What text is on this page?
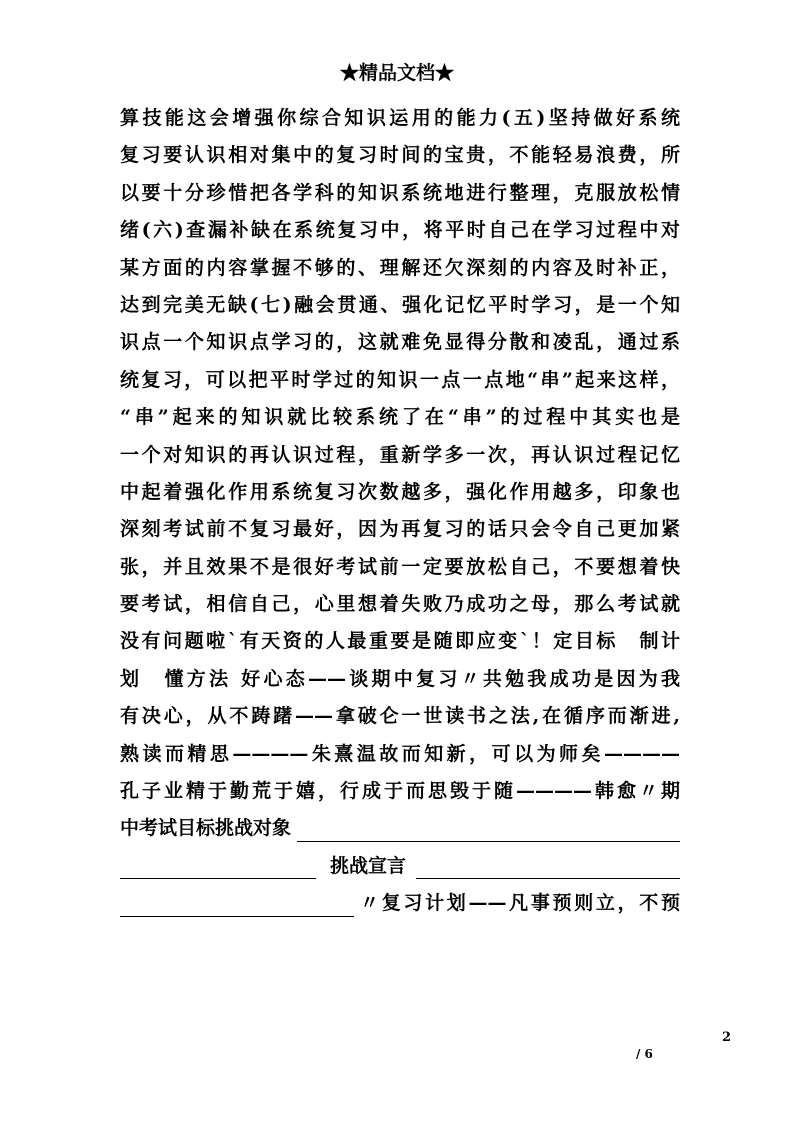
★精品文档★
算技能这会增强你综合知识运用的能力(五)坚持做好系统
复习要认识相对集中的复习时间的宝贵，不能轻易浪费，所
以要十分珍惜把各学科的知识系统地进行整理，克服放松情
绪(六)查漏补缺在系统复习中，将平时自己在学习过程中对
某方面的内容掌握不够的、理解还欠深刻的内容及时补正，
达到完美无缺(七)融会贯通、强化记忆平时学习，是一个知
识点一个知识点学习的，这就难免显得分散和凌乱，通过系
统复习，可以把平时学过的知识一点一点地“串”起来这样，
“串”起来的知识就比较系统了在“串”的过程中其实也是
一个对知识的再认识过程，重新学多一次，再认识过程记忆
中起着强化作用系统复习次数越多，强化作用越多，印象也
深刻考试前不复习最好，因为再复习的话只会令自己更加紧
张，并且效果不是很好考试前一定要放松自己，不要想着快
要考试，相信自己，心里想着失败乃成功之母，那么考试就
没有问题啦`有天资的人最重要是随即应变`！定目标　制计
划　懂方法 好心态——谈期中复习〃共勉我成功是因为我
有决心，从不踌躇——拿破仑一世读书之法,在循序而渐进,
熟读而精思————朱熹温故而知新，可以为师矣————
孔子业精于勤荒于嬉，行成于而思毁于随————韩愈〃期
中考试目标挑战对象
挑战宣言
〃复习计划——凡事预则立，不预
2
/ 6
